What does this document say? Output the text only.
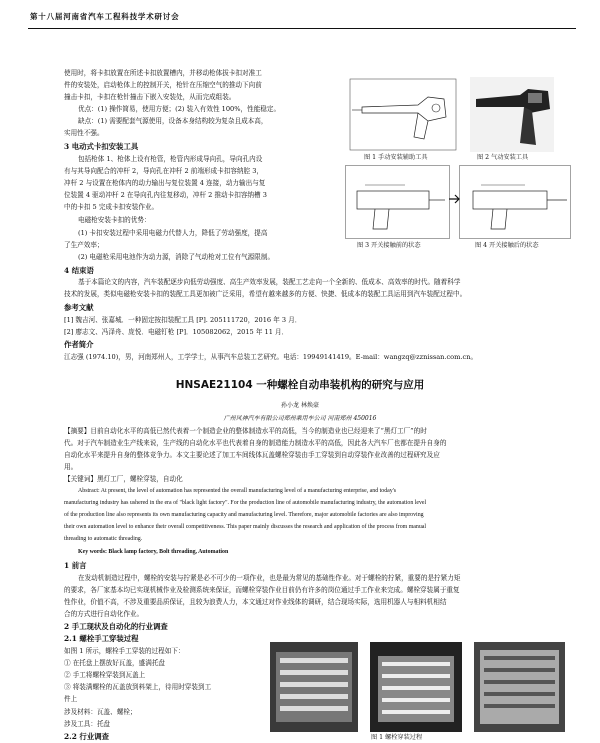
第十八届河南省汽车工程科技学术研讨会
使用时，将卡扣放置在所述卡扣放置槽内，并移动枪体拔卡扣对准工
件的安装处，启动枪体上的控制开关，枪针在压缩空气的推动下向前
撞击卡扣，卡扣在枪针撞击下嵌入安装处，从而完成组装。
优点：(1) 操作简易，使用方便；(2) 装入有效性 100%，性能稳定。
缺点：(1) 需要配套气源使用，设备本身结构较为复杂且成本高，
实用性不强。
3 电动式卡扣安装工具
包括枪体 1、枪体上设有枪管，枪管内形成导向孔，导向孔内设
有与其导向配合的冲杆 2，导向孔在冲杆 2 前端形成卡扣容纳腔 3，
冲杆 2 与设置在枪体内的动力输出与复位装置 4 连接，动力输出与复
位装置 4 驱动冲杆 2 在导向孔内往复移动，冲杆 2 推动卡扣容纳槽 3
中的卡扣 5 完成卡扣安装作业。
电磁枪安装卡扣的优势：
(1) 卡扣安装过程中采用电磁力代替人力，降低了劳动强度，提高
了生产效率；
(2) 电磁枪采用电池作为动力源，消除了气动枪对工位有气源限制。
4 结束语
图 1 手动安装辅助工具	图 2 气动安装工具
图 3 开关接触前的状态	图 4 开关接触后的状态
基于本篇论文的内容，汽车装配逐步向低劳动强度、高生产效率发展，装配工艺走向一个全新的、低成本、高效率的时代。随着科学
技术的发展，类似电磁枪安装卡扣的装配工具更加被广泛采用，希望有越来越多的方便、快捷、低成本的装配工具运用到汽车装配过程中。
参考文献
[1] 魏吉河、张嘉城．一种固定按扣装配工具 [P]. 205111720，2016 年 3 月．
[2] 廖志文、冯泽舟、庞悦．电磁钉枪 [P]．105082062，2015 年 11 月．
作者简介
江志强 (1974.10)，男，河南郑州人，工学学士，从事汽车总装工艺研究。电话：19949141419。E-mail：wangzq@zznissan.com.cn。
HNSAE21104 一种螺栓自动串装机构的研究与应用
孙小龙 林焕豪
广州风神汽车有限公司郑州乘用车公司 河南郑州 450016
【摘要】目前自动化水平的高低已然代表着一个制造企业的整体制造水平的高低，当今的制造业也已经迎来了“黑灯工厂”的时
代。对于汽车制造业生产线来说，生产线的自动化水平也代表着自身的制造能力制造水平的高低，因此各大汽车厂也都在提升自身的
自动化水平来提升自身的整体竞争力。本文主要论述了加工车间线体瓦盖螺栓穿装由手工穿装到自动穿装作业改善的过程研究及应
用。
【关键词】黑灯工厂，螺栓穿装，自动化
Abstract: At present, the level of automation has represented the overall manufacturing level of a manufacturing enterprise, and today's
manufacturing industry has ushered in the era of "black light factory". For the production line of automobile manufacturing industry, the automation level
of the production line also represents its own manufacturing capacity and manufacturing level. Therefore, major automobile factories are also improving
their own automation level to enhance their overall competitiveness. This paper mainly discusses the research and application of the process from manual
threading to automatic threading.
Key words: Black lamp factory, Bolt threading, Automation
1 前言
在发动机制造过程中，螺栓的安装与拧紧是必不可少的一项作业，也是最为常见的基础性作业。对于螺栓的拧紧，重要的是拧紧力矩
的要求，各厂家基本均已实现机械作业及检测系统来保证，而螺栓穿装作业目前仍有许多的岗位通过手工作业来完成。螺栓穿装属于重复
性作业，价值不高，不涉及重要品质保证，且较为浪费人力，本文通过对作业线体的调研，结合现场实际，选用机器人与相料机相结
合的方式进行自动化作业。
2 手工现状及自动化的行业调查
2.1 螺栓手工穿装过程
如图 1 所示，螺栓手工穿装的过程如下：
① 在托盘上摆放好瓦盖，盛满托盘
② 手工将螺栓穿装到瓦盖上
③ 将装满螺栓的瓦盖放到料架上，待用时穿装到工
件上
涉及材料：瓦盖、螺栓；
涉及工具：托盘
2.2 行业调查	图 1 螺栓穿装过程
